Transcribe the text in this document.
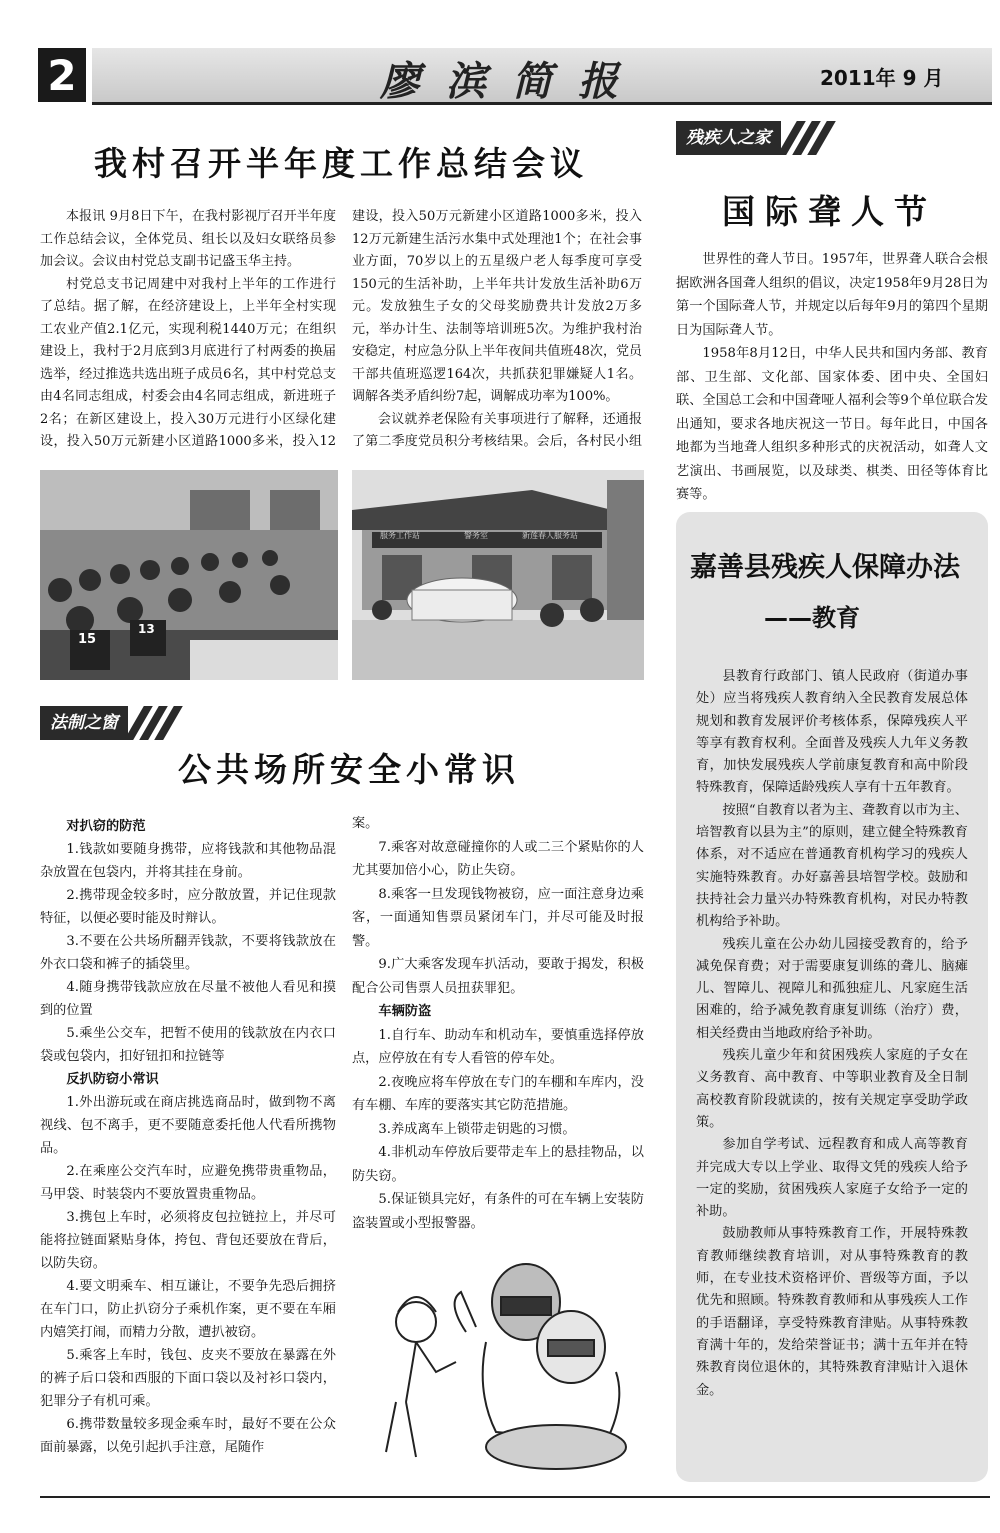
2	廖滨简报	2011年 9 月
我村召开半年度工作总结会议

本报讯 9月8日下午，在我村影视厅召开半年度工作总结会议，全体党员、组长以及妇女联络员参加会议。会议由村党总支副书记盛玉华主持。

村党总支书记周建中对我村上半年的工作进行了总结。据了解，在经济建设上，上半年全村实现工农业产值2.1亿元，实现利税1440万元；在组织建设上，我村于2月底到3月底进行了村两委的换届选举，经过推选共选出班子成员6名，其中村党总支由4名同志组成，村委会由4名同志组成，新进班子2名；在新区建设上，投入30万元进行小区绿化建设，投入50万元新建小区道路1000多米，投入12

建设，投入50万元新建小区道路1000多米，投入12万元新建生活污水集中式处理池1个；在社会事业方面，70岁以上的五星级户老人每季度可享受150元的生活补助，上半年共计发放生活补助6万元。发放独生子女的父母奖励费共计发放2万多元，举办计生、法制等培训班5次。为维护我村治安稳定，村应急分队上半年夜间共值班48次，党员干部共值班巡逻164次，共抓获犯罪嫌疑人1名。调解各类矛盾纠纷7起，调解成功率为100%。

会议就养老保险有关事项进行了解释，还通报了第二季度党员积分考核结果。会后，各村民小组

15
13
服务工作站	警务室	新莲春人服务站
法制之窗
公共场所安全小常识

对扒窃的防范

1.钱款如要随身携带，应将钱款和其他物品混杂放置在包袋内，并将其挂在身前。

2.携带现金较多时，应分散放置，并记住现款特征，以便必要时能及时辩认。

3.不要在公共场所翻弄钱款，不要将钱款放在外衣口袋和裤子的插袋里。

4.随身携带钱款应放在尽量不被他人看见和摸到的位置

5.乘坐公交车，把暂不使用的钱款放在内衣口袋或包袋内，扣好钮扣和拉链等

反扒防窃小常识

1.外出游玩或在商店挑选商品时，做到物不离视线、包不离手，更不要随意委托他人代看所携物品。

2.在乘座公交汽车时，应避免携带贵重物品，马甲袋、时装袋内不要放置贵重物品。

3.携包上车时，必须将皮包拉链拉上，并尽可能将拉链面紧贴身体，挎包、背包还要放在背后，以防失窃。

4.要文明乘车、相互谦让，不要争先恐后拥挤在车门口，防止扒窃分子乘机作案，更不要在车厢内嬉笑打闹，而精力分散，遭扒被窃。

5.乘客上车时，钱包、皮夹不要放在暴露在外的裤子后口袋和西服的下面口袋以及衬衫口袋内，犯罪分子有机可乘。

6.携带数量较多现金乘车时，最好不要在公众面前暴露，以免引起扒手注意，尾随作

案。

7.乘客对故意碰撞你的人或二三个紧贴你的人尤其要加倍小心，防止失窃。

8.乘客一旦发现钱物被窃，应一面注意身边乘客，一面通知售票员紧闭车门，并尽可能及时报警。

9.广大乘客发现车扒活动，要敢于揭发，积极配合公司售票人员扭获罪犯。

车辆防盗

1.自行车、助动车和机动车，要慎重选择停放点，应停放在有专人看管的停车处。

2.夜晚应将车停放在专门的车棚和车库内，没有车棚、车库的要落实其它防范措施。

3.养成离车上锁带走钥匙的习惯。

4.非机动车停放后要带走车上的悬挂物品，以防失窃。

5.保证锁具完好，有条件的可在车辆上安装防盗装置或小型报警器。

残疾人之家
国际聋人节

世界性的聋人节日。1957年，世界聋人联合会根据欧洲各国聋人组织的倡议，决定1958年9月28日为第一个国际聋人节，并规定以后每年9月的第四个星期日为国际聋人节。

1958年8月12日，中华人民共和国内务部、教育部、卫生部、文化部、国家体委、团中央、全国妇联、全国总工会和中国聋哑人福利会等9个单位联合发出通知，要求各地庆祝这一节日。每年此日，中国各地都为当地聋人组织多种形式的庆祝活动，如聋人文艺演出、书画展览，以及球类、棋类、田径等体育比赛等。

嘉善县残疾人保障办法
——教育

县教育行政部门、镇人民政府（街道办事处）应当将残疾人教育纳入全民教育发展总体规划和教育发展评价考核体系，保障残疾人平等享有教育权利。全面普及残疾人九年义务教育，加快发展残疾人学前康复教育和高中阶段特殊教育，保障适龄残疾人享有十五年教育。

按照“自教育以者为主、聋教育以市为主、培智教育以县为主”的原则，建立健全特殊教育体系，对不适应在普通教育机构学习的残疾人实施特殊教育。办好嘉善县培智学校。鼓励和扶持社会力量兴办特殊教育机构，对民办特教机构给予补助。

残疾儿童在公办幼儿园接受教育的，给予减免保育费；对于需要康复训练的聋儿、脑瘫儿、智障儿、视障儿和孤独症儿、凡家庭生活困难的，给予减免教育康复训练（治疗）费，相关经费由当地政府给予补助。

残疾儿童少年和贫困残疾人家庭的子女在义务教育、高中教育、中等职业教育及全日制高校教育阶段就读的，按有关规定享受助学政策。

参加自学考试、远程教育和成人高等教育并完成大专以上学业、取得文凭的残疾人给予一定的奖励，贫困残疾人家庭子女给予一定的补助。

鼓励教师从事特殊教育工作，开展特殊教育教师继续教育培训，对从事特殊教育的教师，在专业技术资格评价、晋级等方面，予以优先和照顾。特殊教育教师和从事残疾人工作的手语翻译，享受特殊教育津贴。从事特殊教育满十年的，发给荣誉证书；满十五年并在特殊教育岗位退休的，其特殊教育津贴计入退休金。
